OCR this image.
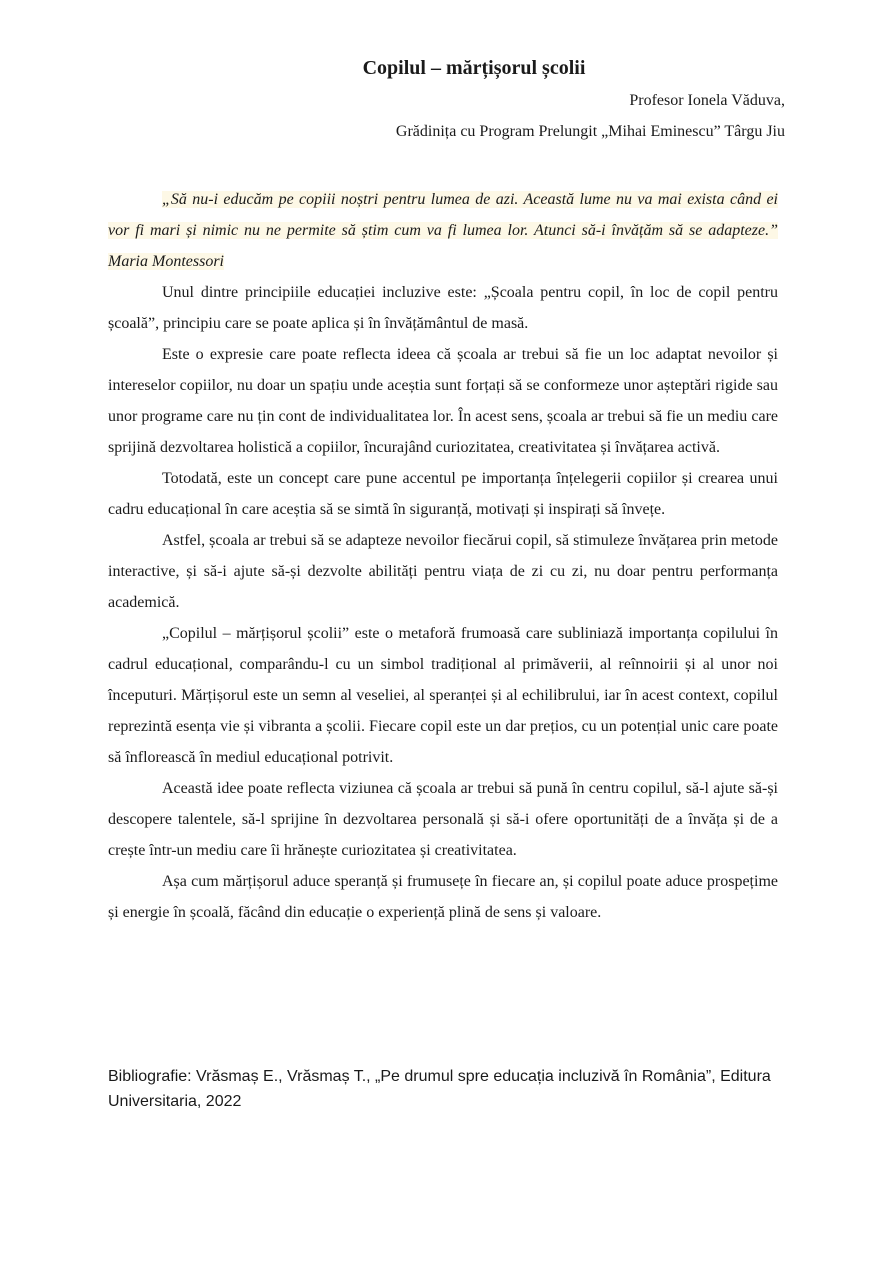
Copilul – mărțișorul școlii

Profesor Ionela Văduva,

Grădinița cu Program Prelungit „Mihai Eminescu” Târgu Jiu

„Să nu-i educăm pe copiii noștri pentru lumea de azi. Această lume nu va mai exista când ei vor fi mari și nimic nu ne permite să știm cum va fi lumea lor. Atunci să-i învățăm să se adapteze.” Maria Montessori

Unul dintre principiile educației incluzive este: „Școala pentru copil, în loc de copil pentru școală”, principiu care se poate aplica și în învățământul de masă.

Este o expresie care poate reflecta ideea că școala ar trebui să fie un loc adaptat nevoilor și intereselor copiilor, nu doar un spațiu unde aceștia sunt forțați să se conformeze unor așteptări rigide sau unor programe care nu țin cont de individualitatea lor. În acest sens, școala ar trebui să fie un mediu care sprijină dezvoltarea holistică a copiilor, încurajând curiozitatea, creativitatea și învățarea activă.

Totodată, este un concept care pune accentul pe importanța înțelegerii copiilor și crearea unui cadru educațional în care aceștia să se simtă în siguranță, motivați și inspirați să învețe.

Astfel, școala ar trebui să se adapteze nevoilor fiecărui copil, să stimuleze învățarea prin metode interactive, și să-i ajute să-și dezvolte abilități pentru viața de zi cu zi, nu doar pentru performanța academică.

„Copilul – mărțișorul școlii” este o metaforă frumoasă care subliniază importanța copilului în cadrul educațional, comparându-l cu un simbol tradițional al primăverii, al reînnoirii și al unor noi începuturi. Mărțișorul este un semn al veseliei, al speranței și al echilibrului, iar în acest context, copilul reprezintă esența vie și vibranta a școlii. Fiecare copil este un dar prețios, cu un potențial unic care poate să înflorească în mediul educațional potrivit.

Această idee poate reflecta viziunea că școala ar trebui să pună în centru copilul, să-l ajute să-și descopere talentele, să-l sprijine în dezvoltarea personală și să-i ofere oportunități de a învăța și de a crește într-un mediu care îi hrănește curiozitatea și creativitatea.

Așa cum mărțișorul aduce speranță și frumusețe în fiecare an, și copilul poate aduce prospețime și energie în școală, făcând din educație o experiență plină de sens și valoare.

Bibliografie: Vrăsmaș E., Vrăsmaș T., „Pe drumul spre educația incluzivă în România”, Editura Universitaria, 2022
